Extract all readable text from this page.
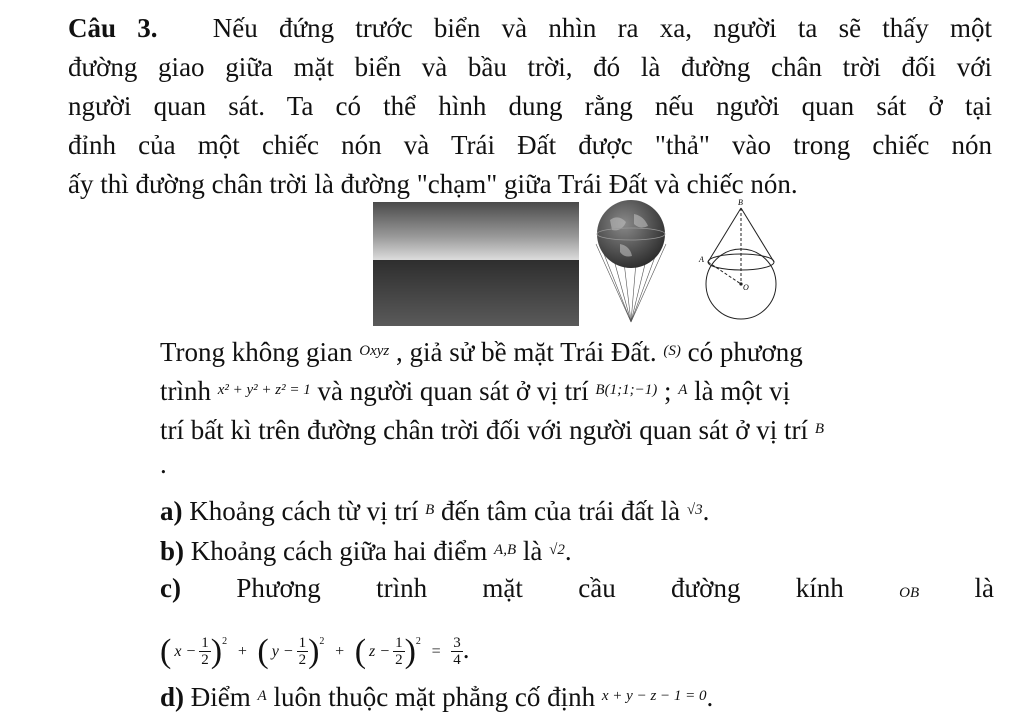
Câu 3. Nếu đứng trước biển và nhìn ra xa, người ta sẽ thấy một
đường giao giữa mặt biển và bầu trời, đó là đường chân trời đối với
người quan sát. Ta có thể hình dung rằng nếu người quan sát ở tại
đỉnh của một chiếc nón và Trái Đất được "thả" vào trong chiếc nón
ấy thì đường chân trời là đường "chạm" giữa Trái Đất và chiếc nón.
B
A
O
Trong không gian $^{Oxyz}$ , giả sử bề mặt Trái Đất. $^{(S)}$ có phương
trình $^{x^2 + y^2 + z^2 = 1}$ và người quan sát ở vị trí $^{B(1;1;-1)}$ ; $^A$ là một vị
trí bất kì trên đường chân trời đối với người quan sát ở vị trí $^B$
.
a) Khoảng cách từ vị trí $^B$ đến tâm của trái đất là $^{√3}$.
b) Khoảng cách giữa hai điểm $^{A,B}$ là $^{√2}$.
c) Phương trình mặt cầu đường kính	OB là
( $x - \frac{1}{2} )^2$ + ( $y - \frac{1}{2} )^2$ + ( $z - \frac{1}{2} )^2 = \frac{3}{4}$ .
d) Điểm $^A$ luôn thuộc mặt phẳng cố định $^{x + y - z - 1 = 0}$.
